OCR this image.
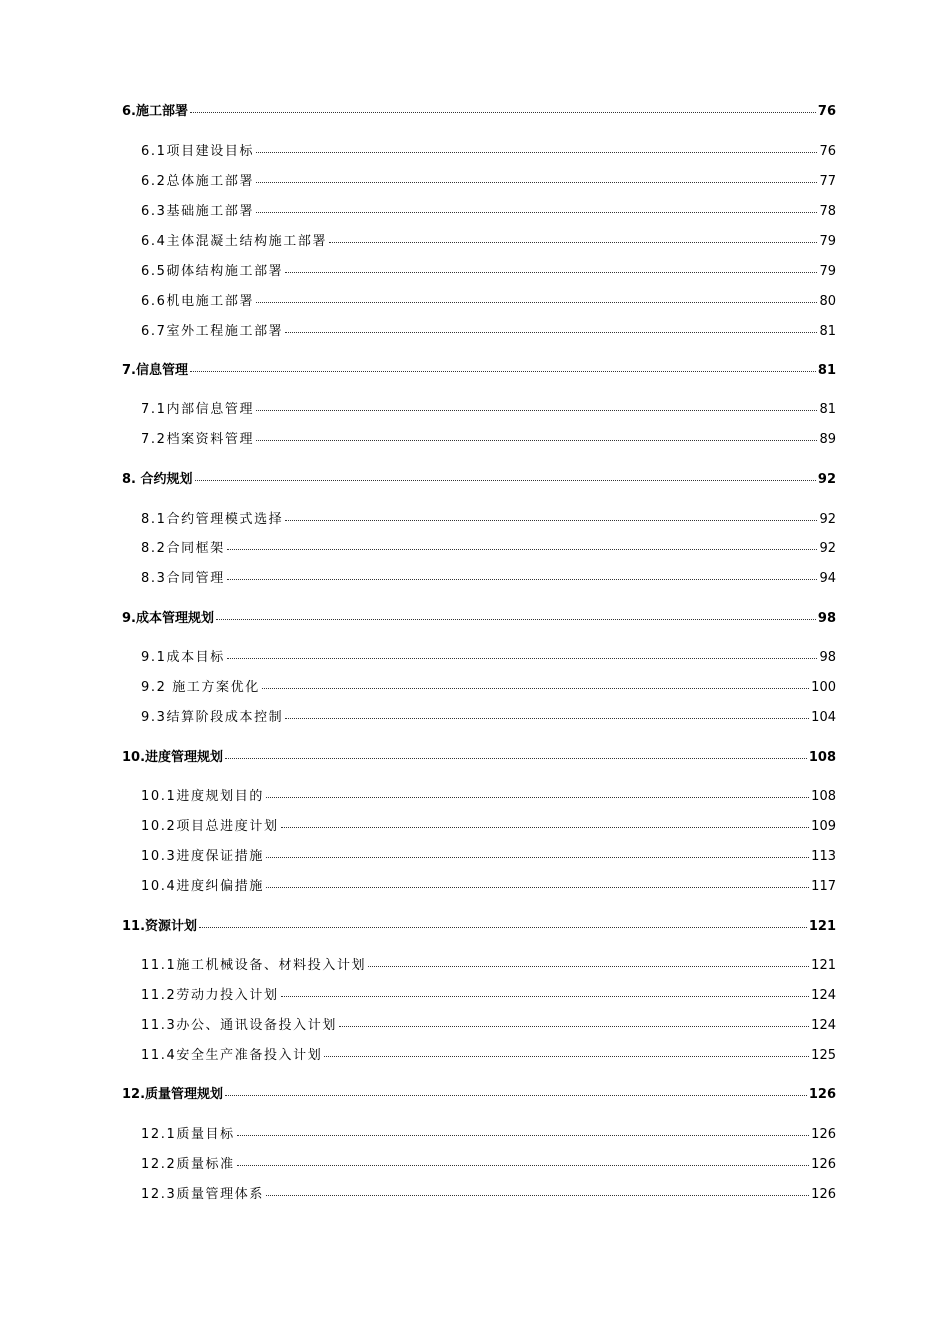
6.施工部署	76
6.1项目建设目标	76
6.2总体施工部署	77
6.3基础施工部署	78
6.4主体混凝土结构施工部署	79
6.5砌体结构施工部署	79
6.6机电施工部署	80
6.7室外工程施工部署	81
7.信息管理	81
7.1内部信息管理	81
7.2档案资料管理	89
8. 合约规划	92
8.1合约管理模式选择	92
8.2合同框架	92
8.3合同管理	94
9.成本管理规划	98
9.1成本目标	98
9.2 施工方案优化	100
9.3结算阶段成本控制	104
10.进度管理规划	108
10.1进度规划目的	108
10.2项目总进度计划	109
10.3进度保证措施	113
10.4进度纠偏措施	117
11.资源计划	121
11.1施工机械设备、材料投入计划	121
11.2劳动力投入计划	124
11.3办公、通讯设备投入计划	124
11.4安全生产准备投入计划	125
12.质量管理规划	126
12.1质量目标	126
12.2质量标准	126
12.3质量管理体系	126
